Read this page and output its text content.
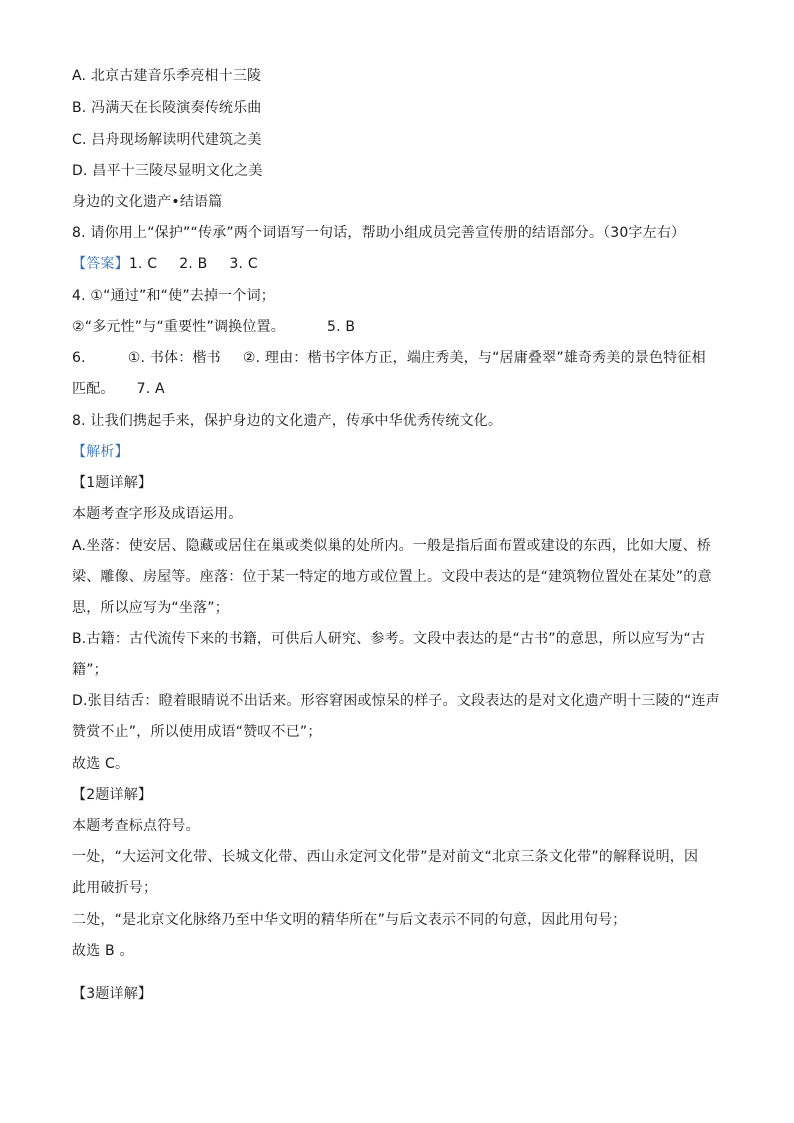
A. 北京古建音乐季亮相十三陵
B. 冯满天在长陵演奏传统乐曲
C. 吕舟现场解读明代建筑之美
D. 昌平十三陵尽显明文化之美
身边的文化遗产•结语篇
8. 请你用上“保护”“传承”两个词语写一句话，帮助小组成员完善宣传册的结语部分。（30字左右）
【答案】1. C 2. B 3. C
4. ①“通过”和“使”去掉一个词；
②“多元性”与“重要性”调换位置。	5. B
6.	①. 书体：楷书 ②. 理由：楷书字体方正，端庄秀美，与“居庸叠翠”雄奇秀美的景色特征相
匹配。 7. A
8. 让我们携起手来，保护身边的文化遗产，传承中华优秀传统文化。
【解析】
【1题详解】
本题考查字形及成语运用。
A.坐落：使安居、隐藏或居住在巢或类似巢的处所内。一般是指后面布置或建设的东西，比如大厦、桥
梁、雕像、房屋等。座落：位于某一特定的地方或位置上。文段中表达的是“建筑物位置处在某处”的意
思，所以应写为“坐落”；
B.古籍：古代流传下来的书籍，可供后人研究、参考。文段中表达的是“古书”的意思，所以应写为“古
籍”；
D.张目结舌：瞪着眼睛说不出话来。形容窘困或惊呆的样子。文段表达的是对文化遗产明十三陵的“连声
赞赏不止”，所以使用成语“赞叹不已”；
故选 C。
【2题详解】
本题考查标点符号。
一处，“大运河文化带、长城文化带、西山永定河文化带”是对前文“北京三条文化带”的解释说明，因
此用破折号；
二处，“是北京文化脉络乃至中华文明的精华所在”与后文表示不同的句意，因此用句号；
故选 B 。
【3题详解】
